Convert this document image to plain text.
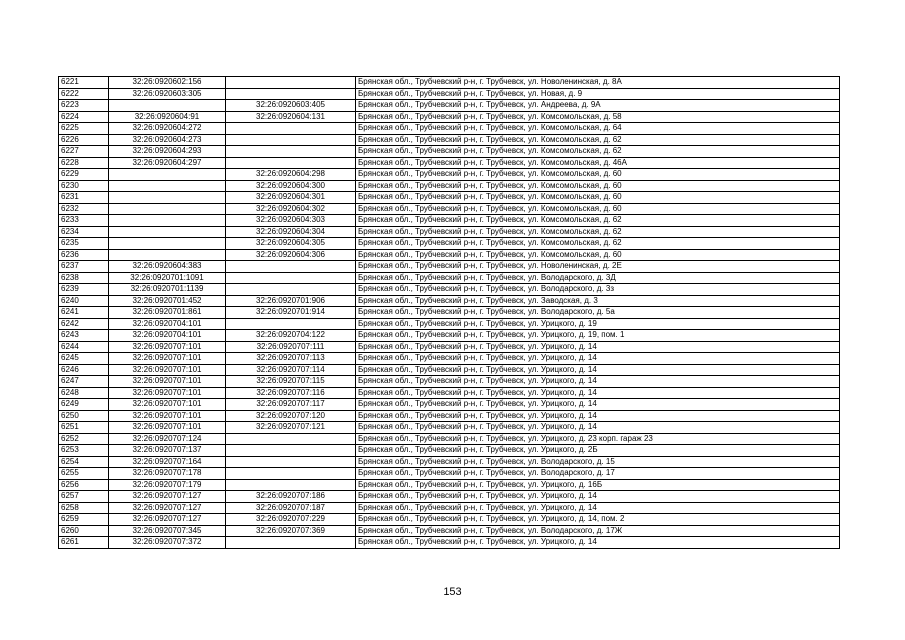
6221	32:26:0920602:156		Брянская обл., Трубчевский р-н, г. Трубчевск, ул. Новоленинская, д. 8А
6222	32:26:0920603:305		Брянская обл., Трубчевский р-н, г. Трубчевск, ул. Новая, д. 9
6223		32:26:0920603:405	Брянская обл., Трубчевский р-н, г. Трубчевск, ул. Андреева, д. 9А
6224	32:26:0920604:91	32:26:0920604:131	Брянская обл., Трубчевский р-н, г. Трубчевск, ул. Комсомольская, д. 58
6225	32:26:0920604:272		Брянская обл., Трубчевский р-н, г. Трубчевск, ул. Комсомольская, д. 64
6226	32:26:0920604:273		Брянская обл., Трубчевский р-н, г. Трубчевск, ул. Комсомольская, д. 62
6227	32:26:0920604:293		Брянская обл., Трубчевский р-н, г. Трубчевск, ул. Комсомольская, д. 62
6228	32:26:0920604:297		Брянская обл., Трубчевский р-н, г. Трубчевск, ул. Комсомольская, д. 46А
6229		32:26:0920604:298	Брянская обл., Трубчевский р-н, г. Трубчевск, ул. Комсомольская, д. 60
6230		32:26:0920604:300	Брянская обл., Трубчевский р-н, г. Трубчевск, ул. Комсомольская, д. 60
6231		32:26:0920604:301	Брянская обл., Трубчевский р-н, г. Трубчевск, ул. Комсомольская, д. 60
6232		32:26:0920604:302	Брянская обл., Трубчевский р-н, г. Трубчевск, ул. Комсомольская, д. 60
6233		32:26:0920604:303	Брянская обл., Трубчевский р-н, г. Трубчевск, ул. Комсомольская, д. 62
6234		32:26:0920604:304	Брянская обл., Трубчевский р-н, г. Трубчевск, ул. Комсомольская, д. 62
6235		32:26:0920604:305	Брянская обл., Трубчевский р-н, г. Трубчевск, ул. Комсомольская, д. 62
6236		32:26:0920604:306	Брянская обл., Трубчевский р-н, г. Трубчевск, ул. Комсомольская, д. 60
6237	32:26:0920604:383		Брянская обл., Трубчевский р-н, г. Трубчевск, ул. Новоленинская, д. 2Е
6238	32:26:0920701:1091		Брянская обл., Трубчевский р-н, г. Трубчевск, ул. Володарского, д. 3Д
6239	32:26:0920701:1139		Брянская обл., Трубчевский р-н, г. Трубчевск, ул. Володарского, д. 3з
6240	32:26:0920701:452	32:26:0920701:906	Брянская обл., Трубчевский р-н, г. Трубчевск, ул. Заводская, д. 3
6241	32:26:0920701:861	32:26:0920701:914	Брянская обл., Трубчевский р-н, г. Трубчевск, ул. Володарского, д. 5а
6242	32:26:0920704:101		Брянская обл., Трубчевский р-н, г. Трубчевск, ул. Урицкого, д. 19
6243	32:26:0920704:101	32:26:0920704:122	Брянская обл., Трубчевский р-н, г. Трубчевск, ул. Урицкого, д. 19, пом. 1
6244	32:26:0920707:101	32:26:0920707:111	Брянская обл., Трубчевский р-н, г. Трубчевск, ул. Урицкого, д. 14
6245	32:26:0920707:101	32:26:0920707:113	Брянская обл., Трубчевский р-н, г. Трубчевск, ул. Урицкого, д. 14
6246	32:26:0920707:101	32:26:0920707:114	Брянская обл., Трубчевский р-н, г. Трубчевск, ул. Урицкого, д. 14
6247	32:26:0920707:101	32:26:0920707:115	Брянская обл., Трубчевский р-н, г. Трубчевск, ул. Урицкого, д. 14
6248	32:26:0920707:101	32:26:0920707:116	Брянская обл., Трубчевский р-н, г. Трубчевск, ул. Урицкого, д. 14
6249	32:26:0920707:101	32:26:0920707:117	Брянская обл., Трубчевский р-н, г. Трубчевск, ул. Урицкого, д. 14
6250	32:26:0920707:101	32:26:0920707:120	Брянская обл., Трубчевский р-н, г. Трубчевск, ул. Урицкого, д. 14
6251	32:26:0920707:101	32:26:0920707:121	Брянская обл., Трубчевский р-н, г. Трубчевск, ул. Урицкого, д. 14
6252	32:26:0920707:124		Брянская обл., Трубчевский р-н, г. Трубчевск, ул. Урицкого, д. 23 корп. гараж 23
6253	32:26:0920707:137		Брянская обл., Трубчевский р-н, г. Трубчевск, ул. Урицкого, д. 2Б
6254	32:26:0920707:164		Брянская обл., Трубчевский р-н, г. Трубчевск, ул. Володарского, д. 15
6255	32:26:0920707:178		Брянская обл., Трубчевский р-н, г. Трубчевск, ул. Володарского, д. 17
6256	32:26:0920707:179		Брянская обл., Трубчевский р-н, г. Трубчевск, ул. Урицкого, д. 16Б
6257	32:26:0920707:127	32:26:0920707:186	Брянская обл., Трубчевский р-н, г. Трубчевск, ул. Урицкого, д. 14
6258	32:26:0920707:127	32:26:0920707:187	Брянская обл., Трубчевский р-н, г. Трубчевск, ул. Урицкого, д. 14
6259	32:26:0920707:127	32:26:0920707:229	Брянская обл., Трубчевский р-н, г. Трубчевск, ул. Урицкого, д. 14, пом. 2
6260	32:26:0920707:345	32:26:0920707:369	Брянская обл., Трубчевский р-н, г. Трубчевск, ул. Володарского, д. 17Ж
6261	32:26:0920707:372		Брянская обл., Трубчевский р-н, г. Трубчевск, ул. Урицкого, д. 14
153
